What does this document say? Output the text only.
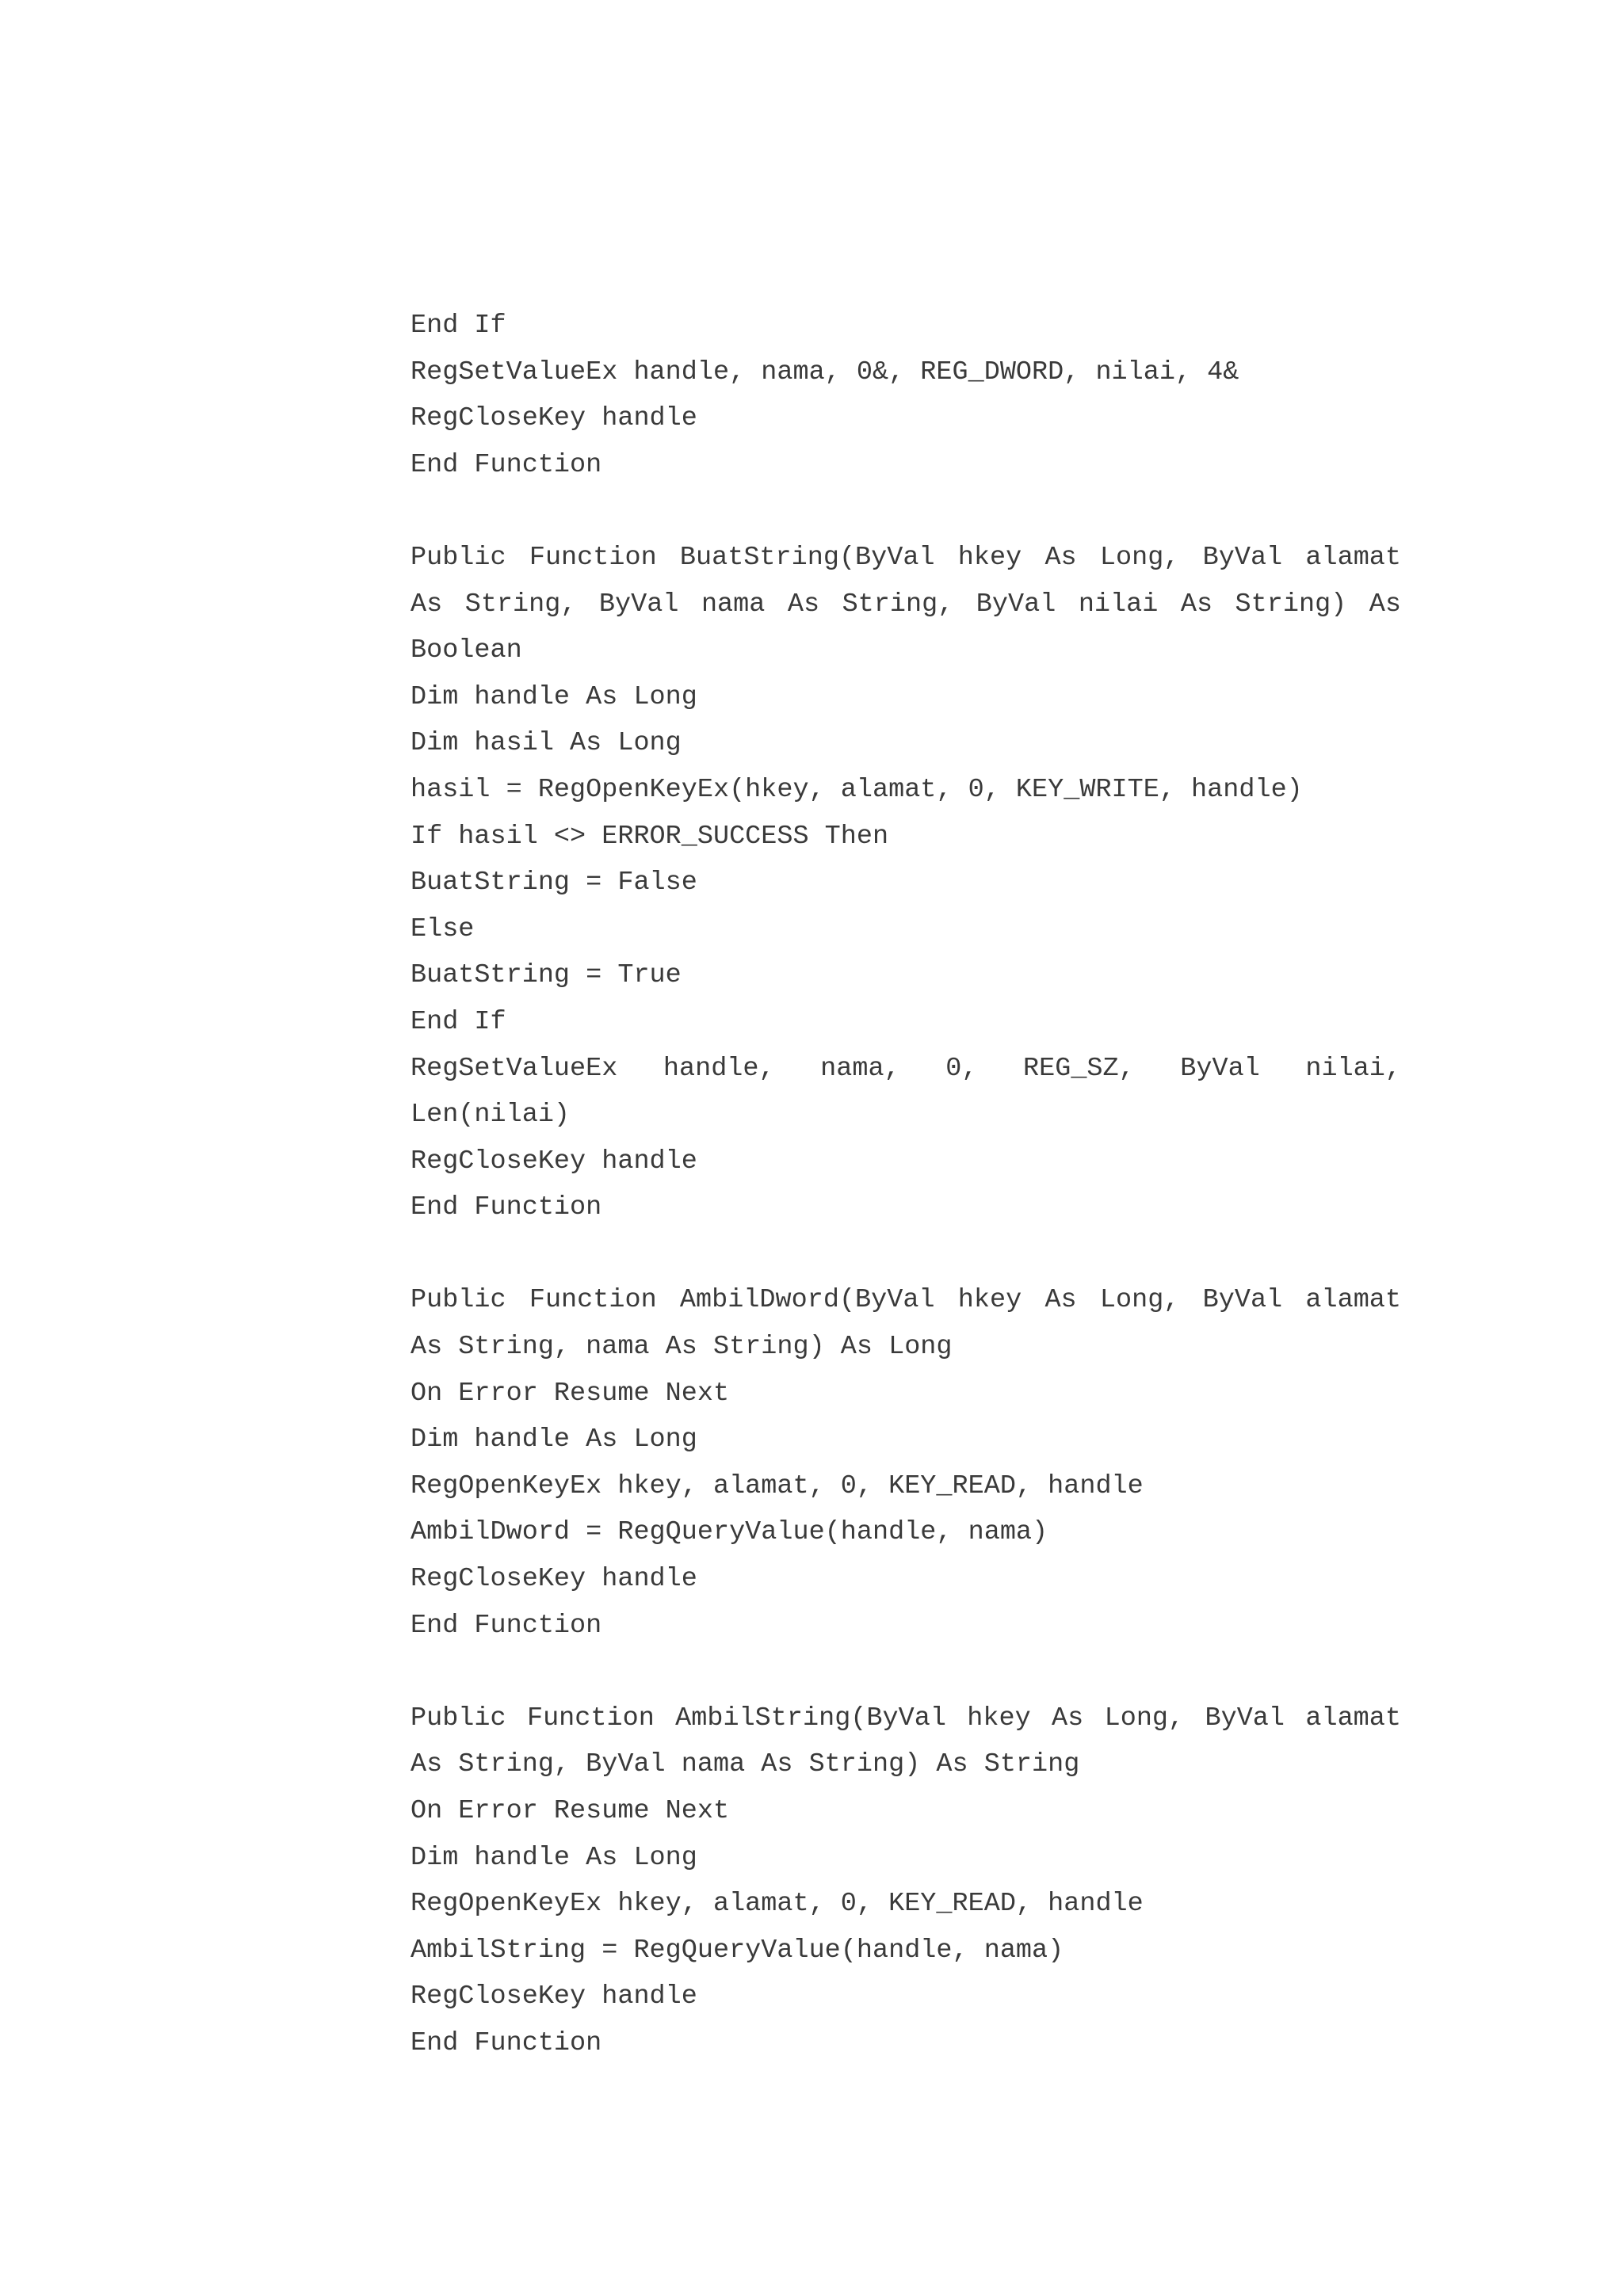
End If
RegSetValueEx handle, nama, 0&, REG_DWORD, nilai, 4&
RegCloseKey handle
End Function
Public Function BuatString(ByVal hkey As Long, ByVal alamat
As String, ByVal nama As String, ByVal nilai As String) As
Boolean
Dim handle As Long
Dim hasil As Long
hasil = RegOpenKeyEx(hkey, alamat, 0, KEY_WRITE, handle)
If hasil <> ERROR_SUCCESS Then
BuatString = False
Else
BuatString = True
End If
RegSetValueEx handle, nama, 0, REG_SZ, ByVal nilai,
Len(nilai)
RegCloseKey handle
End Function
Public Function AmbilDword(ByVal hkey As Long, ByVal alamat
As String, nama As String) As Long
On Error Resume Next
Dim handle As Long
RegOpenKeyEx hkey, alamat, 0, KEY_READ, handle
AmbilDword = RegQueryValue(handle, nama)
RegCloseKey handle
End Function
Public Function AmbilString(ByVal hkey As Long, ByVal alamat
As String, ByVal nama As String) As String
On Error Resume Next
Dim handle As Long
RegOpenKeyEx hkey, alamat, 0, KEY_READ, handle
AmbilString = RegQueryValue(handle, nama)
RegCloseKey handle
End Function
